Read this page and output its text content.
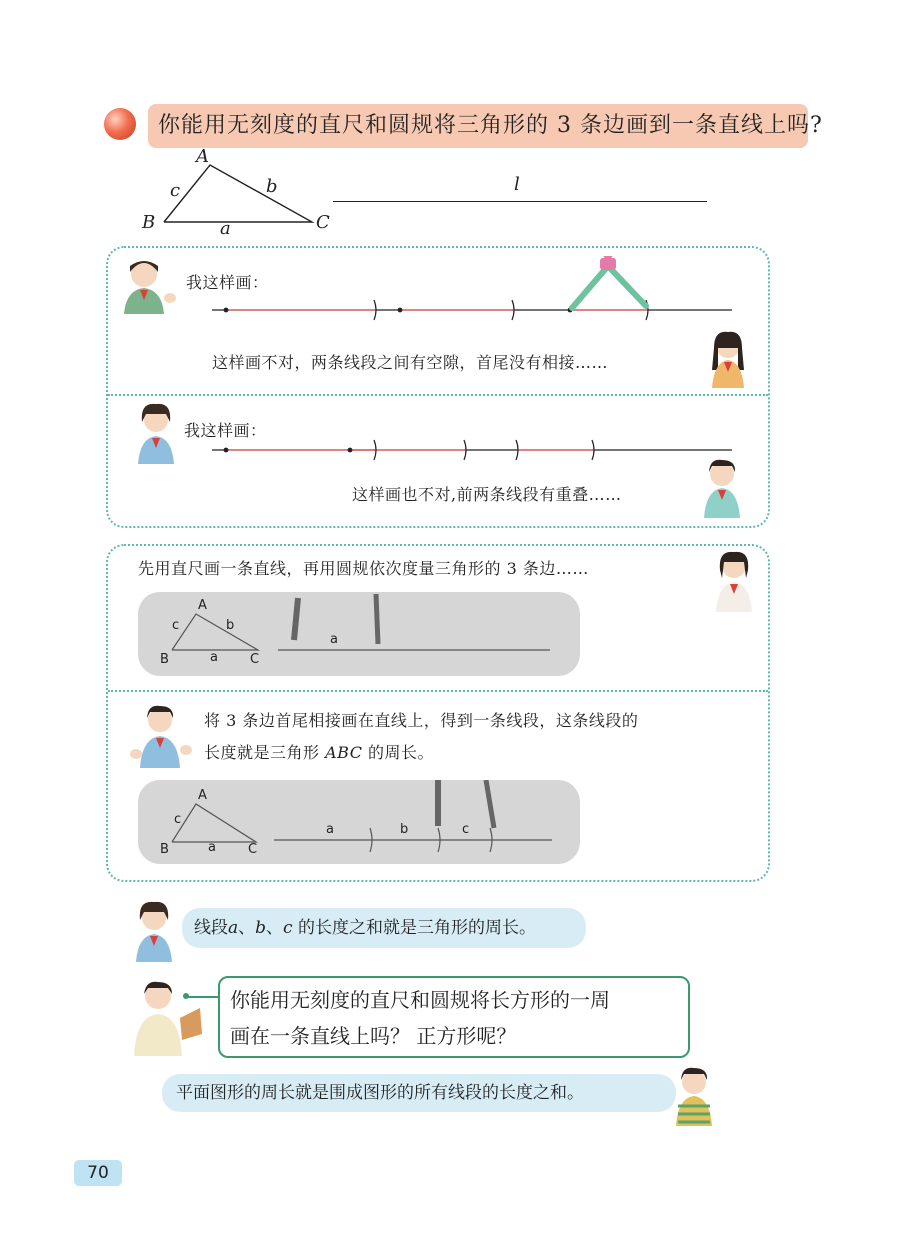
你能用无刻度的直尺和圆规将三角形的 3 条边画到一条直线上吗?
A
B	C
a
b
c	l
我这样画：
这样画不对，两条线段之间有空隙，首尾没有相接……
我这样画：
这样画也不对,前两条线段有重叠……
先用直尺画一条直线，再用圆规依次度量三角形的 3 条边……
A
B	C
a
b
c
a
将 3 条边首尾相接画在直线上，得到一条线段，这条线段的
长度就是三角形 ABC 的周长。
A
B	C
a
c
a	b	c
线段a、b、c 的长度之和就是三角形的周长。
你能用无刻度的直尺和圆规将长方形的一周
画在一条直线上吗？ 正方形呢？
平面图形的周长就是围成图形的所有线段的长度之和。
70
